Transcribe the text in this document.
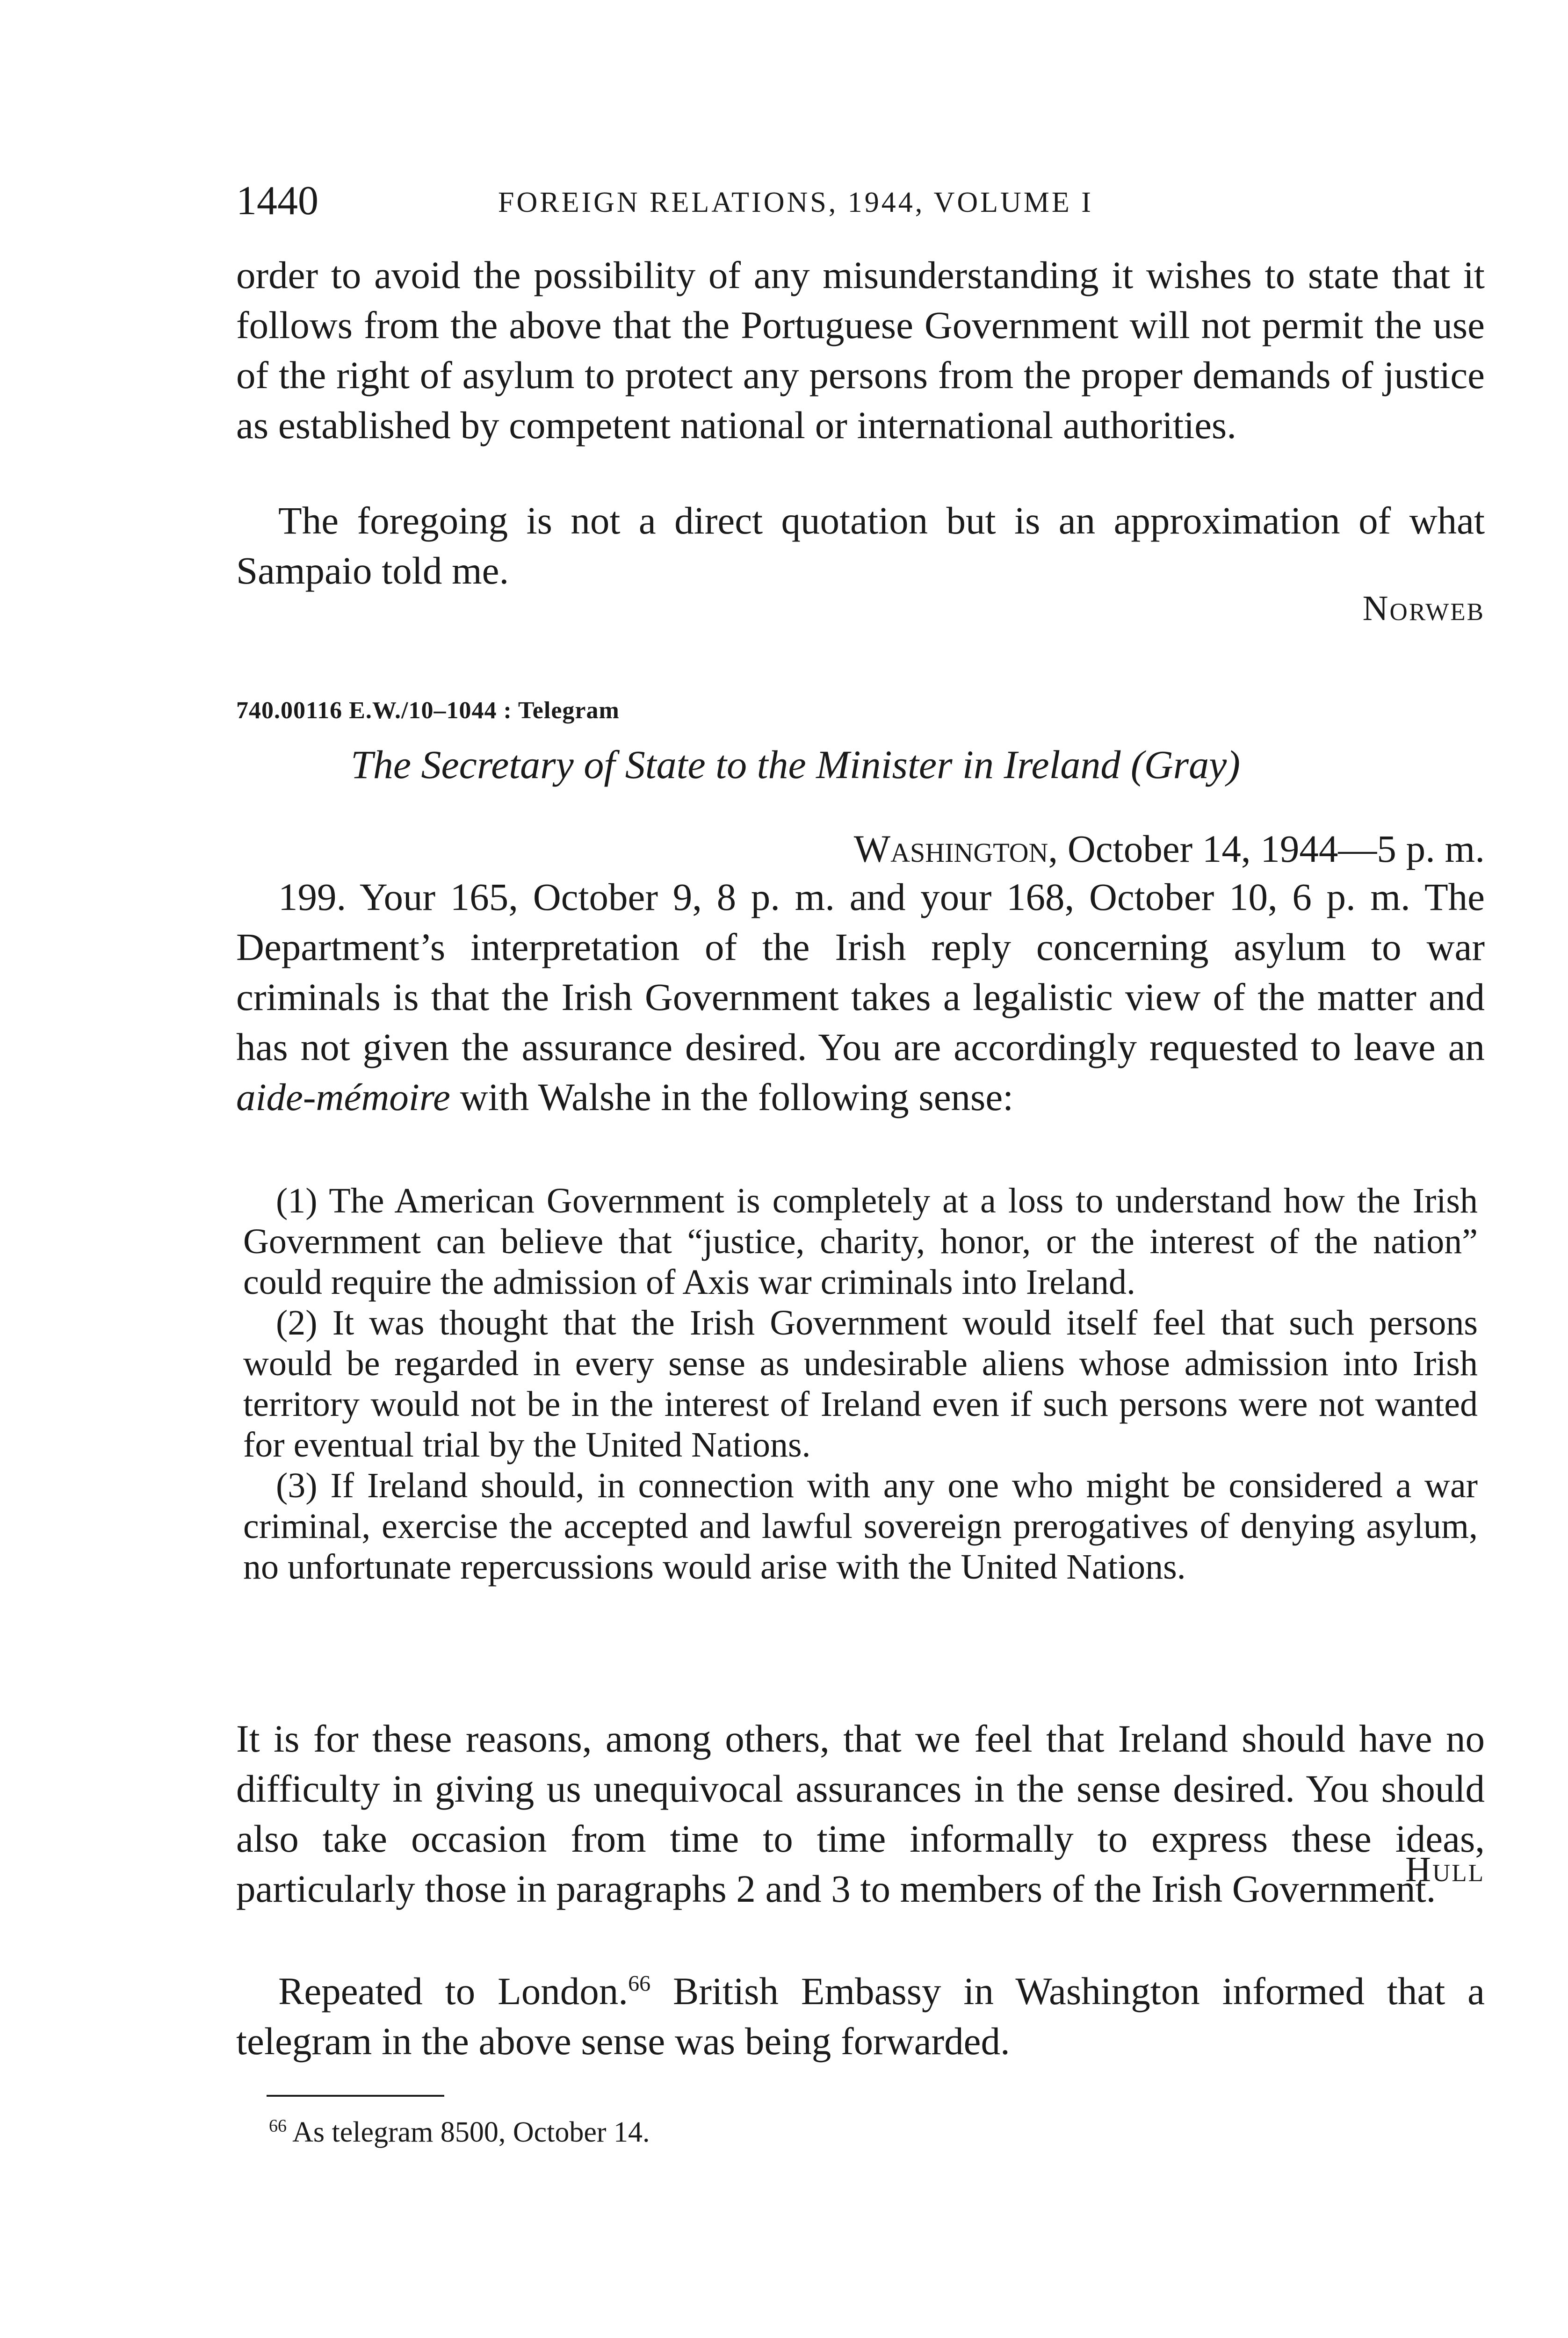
1440	FOREIGN RELATIONS, 1944, VOLUME I

order to avoid the possibility of any misunderstanding it wishes to state that it follows from the above that the Portuguese Government will not permit the use of the right of asylum to protect any persons from the proper demands of justice as established by competent national or international authorities.

The foregoing is not a direct quotation but is an approximation of what Sampaio told me.

Norweb
740.00116 E.W./10–1044 : Telegram
The Secretary of State to the Minister in Ireland (Gray)
Washington, October 14, 1944—5 p. m.

199. Your 165, October 9, 8 p. m. and your 168, October 10, 6 p. m. The Department’s interpretation of the Irish reply concerning asylum to war criminals is that the Irish Government takes a legalistic view of the matter and has not given the assurance desired. You are accordingly requested to leave an aide-mémoire with Walshe in the following sense:

(1) The American Government is completely at a loss to understand how the Irish Government can believe that “justice, charity, honor, or the interest of the nation” could require the admission of Axis war criminals into Ireland.

(2) It was thought that the Irish Government would itself feel that such persons would be regarded in every sense as undesirable aliens whose admission into Irish territory would not be in the interest of Ireland even if such persons were not wanted for eventual trial by the United Nations.

(3) If Ireland should, in connection with any one who might be considered a war criminal, exercise the accepted and lawful sovereign prerogatives of denying asylum, no unfortunate repercussions would arise with the United Nations.

It is for these reasons, among others, that we feel that Ireland should have no difficulty in giving us unequivocal assurances in the sense desired. You should also take occasion from time to time informally to express these ideas, particularly those in paragraphs 2 and 3 to members of the Irish Government.

Repeated to London.$^{66}$ British Embassy in Washington informed that a telegram in the above sense was being forwarded.

Hull
$^{66}$ As telegram 8500, October 14.
